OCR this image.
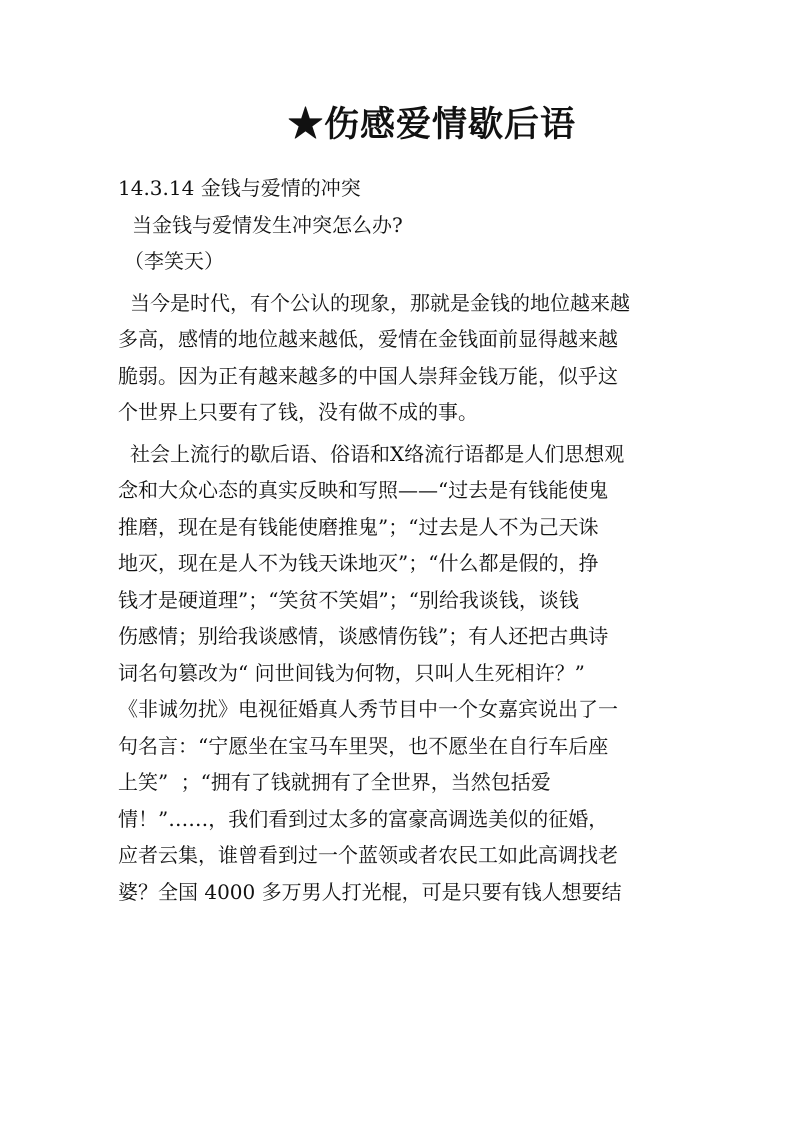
★伤感爱情歇后语
14.3.14 金钱与爱情的冲突
当金钱与爱情发生冲突怎么办?
（李笑天）
当今是时代，有个公认的现象，那就是金钱的地位越来越
多高，感情的地位越来越低，爱情在金钱面前显得越来越
脆弱。因为正有越来越多的中国人崇拜金钱万能，似乎这
个世界上只要有了钱，没有做不成的事。
社会上流行的歇后语、俗语和X络流行语都是人们思想观
念和大众心态的真实反映和写照——“过去是有钱能使鬼
推磨，现在是有钱能使磨推鬼”；“过去是人不为己天诛
地灭，现在是人不为钱天诛地灭”；“什么都是假的，挣
钱才是硬道理”；“笑贫不笑娼”；“别给我谈钱，谈钱
伤感情；别给我谈感情，谈感情伤钱”；有人还把古典诗
词名句篡改为“ 问世间钱为何物，只叫人生死相许？”
《非诚勿扰》电视征婚真人秀节目中一个女嘉宾说出了一
句名言：“宁愿坐在宝马车里哭，也不愿坐在自行车后座
上笑” ；“拥有了钱就拥有了全世界，当然包括爱
情！”……，我们看到过太多的富豪高调选美似的征婚，
应者云集，谁曾看到过一个蓝领或者农民工如此高调找老
婆？全国 4000 多万男人打光棍，可是只要有钱人想要结
